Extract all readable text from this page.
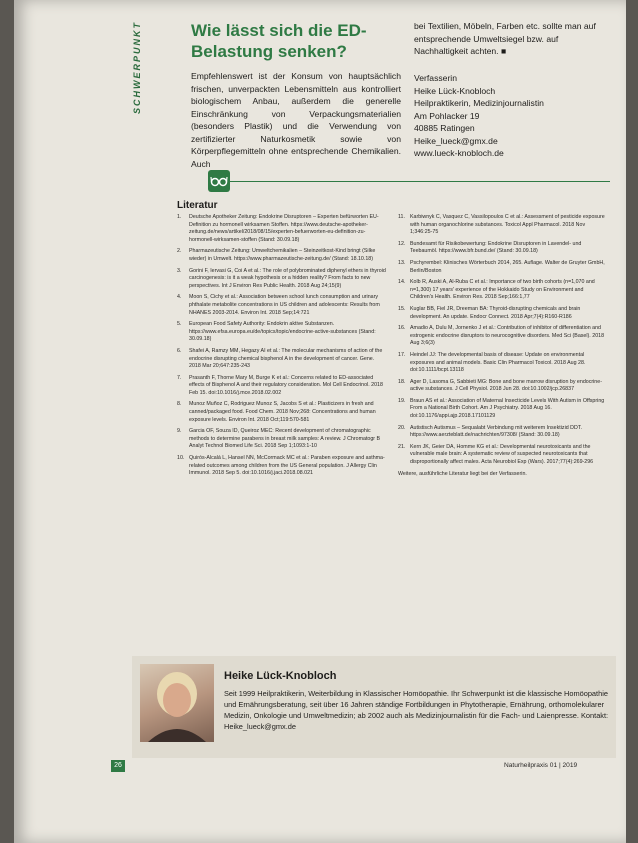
SCHWERPUNKT	Wie lässt sich die ED-Belastung senken?
Empfehlenswert ist der Konsum von hauptsächlich frischen, unverpackten Lebensmitteln aus kontrolliert biologischem Anbau, außerdem die generelle Einschränkung von Verpackungsmaterialien (besonders Plastik) und die Verwendung von zertifizierter Naturkosmetik sowie von Körperpflegemitteln ohne entsprechende Chemikalien. Auch
bei Textilien, Möbeln, Farben etc. sollte man auf entsprechende Umweltsiegel bzw. auf Nachhaltigkeit achten. ■
Verfasserin
Heike Lück-Knobloch
Heilpraktikerin, Medizinjournalistin
Am Pohlacker 19
40885 Ratingen
Heike_lueck@gmx.de
www.lueck-knobloch.de
Literatur
1.	Deutsche Apotheker Zeitung: Endokrine Disruptoren – Experten befürworten EU-Definition zu hormonell wirksamen Stoffen. https://www.deutsche-apotheker-zeitung.de/news/artikel/2018/08/15/experten-befuerworten-eu-definition-zu-hormonell-wirksamen-stoffen (Stand: 30.09.18)
2.	Pharmazeutische Zeitung: Umweltchemikalien – Steinzeitkost-Kind bringt (Silke wieder) in Umwelt. https://www.pharmazeutische-zeitung.de/ (Stand: 18.10.18)
3.	Gorini F, Iervasi G, Coi A et al.: The role of polybrominated diphenyl ethers in thyroid carcinogenesis: is it a weak hypothesis or a hidden reality? From facts to new perspectives. Int J Environ Res Public Health. 2018 Aug 24;15(9)
4.	Moon S, Cichy et al.: Association between school lunch consumption and urinary phthalate metabolite concentrations in US children and adolescents: Results from NHANES 2003-2014. Environ Int. 2018 Sep;14:721
5.	European Food Safety Authority: Endokrin aktive Substanzen. https://www.efsa.europa.eu/de/topics/topic/endocrine-active-substances (Stand: 30.09.18)
6.	Shafei A, Ramzy MM, Hegazy AI et al.: The molecular mechanisms of action of the endocrine disrupting chemical bisphenol A in the development of cancer. Gene. 2018 Mar 20;647:235-243
7.	Prasanth F, Thorne Mary M, Burge K et al.: Concerns related to ED-associated effects of Bisphenol A and their regulatory consideration. Mol Cell Endocrinol. 2018 Feb 15. doi:10.1016/j.mce.2018.02.002
8.	Munoz Muñoz C, Rodriguez Munoz S, Jacobs S et al.: Plasticizers in fresh and canned/packaged food. Food Chem. 2018 Nov;268: Concentrations and human exposure levels. Environ Int. 2018 Oct;119:570-581
9.	Garcia OF, Souza ID, Queiroz MEC: Recent development of chromatographic methods to determine parabens in breast milk samples: A review. J Chromatogr B Analyt Technol Biomed Life Sci. 2018 Sep 1;1093:1-10
10. Quirós-Alcalá L, Hansel NN, McCormack MC et al.: Paraben exposure and asthma-related outcomes among children from the US General population. J Allergy Clin Immunol. 2018 Sep 5. doi:10.1016/j.jaci.2018.08.021
11. Karbiwnyk C, Vasquez C, Vassilopoulos C et al.: Assessment of pesticide exposure with human organochlorine substances. Toxicol Appl Pharmacol. 2018 Nov 1;346:25-75
12. Bundesamt für Risikobewertung: Endokrine Disruptoren in Lavendel- und Teebaumöl. https://www.bfr.bund.de/ (Stand: 30.09.18)
13. Pschyrembel: Klinisches Wörterbuch 2014, 265. Auflage. Walter de Gruyter GmbH, Berlin/Boston
14. Kolb R, Auski A, Al-Ruba C et al.: Importance of two birth cohorts (n=1,070 and n=1,300) 17 years' experience of the Hokkaido Study on Environment and Children's Health. Environ Res. 2018 Sep;166:1,77
15. Kuglar BB, Fiel JR, Dreeman BA: Thyroid-disrupting chemicals and brain development. An update. Endocr Connect. 2018 Apr;7(4):R160-R186
16. Amadio A, Dulu M, Jornenko J et al.: Contribution of inhibitor of differentiation and estrogenic endocrine disruptors to neurocognitive disorders. Med Sci (Basel). 2018 Aug 3;6(3)
17. Heindel JJ: The developmental basis of disease: Update on environmental exposures and animal models. Basic Clin Pharmacol Toxicol. 2018 Aug 28. doi:10.1111/bcpt.13118
18. Ager D, Lasoma G, Sabbieti MG: Bone and bone marrow disruption by endocrine-active substances. J Cell Physiol. 2018 Jun 28. doi:10.1002/jcp.26837
19. Braun AS et al.: Association of Maternal Insecticide Levels With Autism in Offspring From a National Birth Cohort. Am J Psychiatry. 2018 Aug 16. doi:10.1176/appi.ajp.2018.17101129
20. Autistisch Autismus – Sequalabt Verbindung mit weiterem Insektizid DDT. https://www.aerzteblatt.de/nachrichten/97308/ (Stand: 30.09.18)
21. Kern JK, Geier DA, Homme KG et al.: Developmental neurotoxicants and the vulnerable male brain: A systematic review of suspected neurotoxicants that disproportionally affect males. Acta Neurobiol Exp (Wars). 2017;77(4):269-296
Weitere, ausführliche Literatur liegt bei der Verfasserin.
Heike Lück-Knobloch
Seit 1999 Heilpraktikerin, Weiterbildung in Klassischer Homöopathie. Ihr Schwerpunkt ist die klassische Homöopathie und Ernährungsberatung, seit über 16 Jahren ständige Fortbildungen in Phytotherapie, Ernährung, orthomolekularer Medizin, Onkologie und Umweltmedizin; ab 2002 auch als Medizinjournalistin für die Fach- und Laienpresse. Kontakt: Heike_lueck@gmx.de
26	Naturheilpraxis 01 | 2019
